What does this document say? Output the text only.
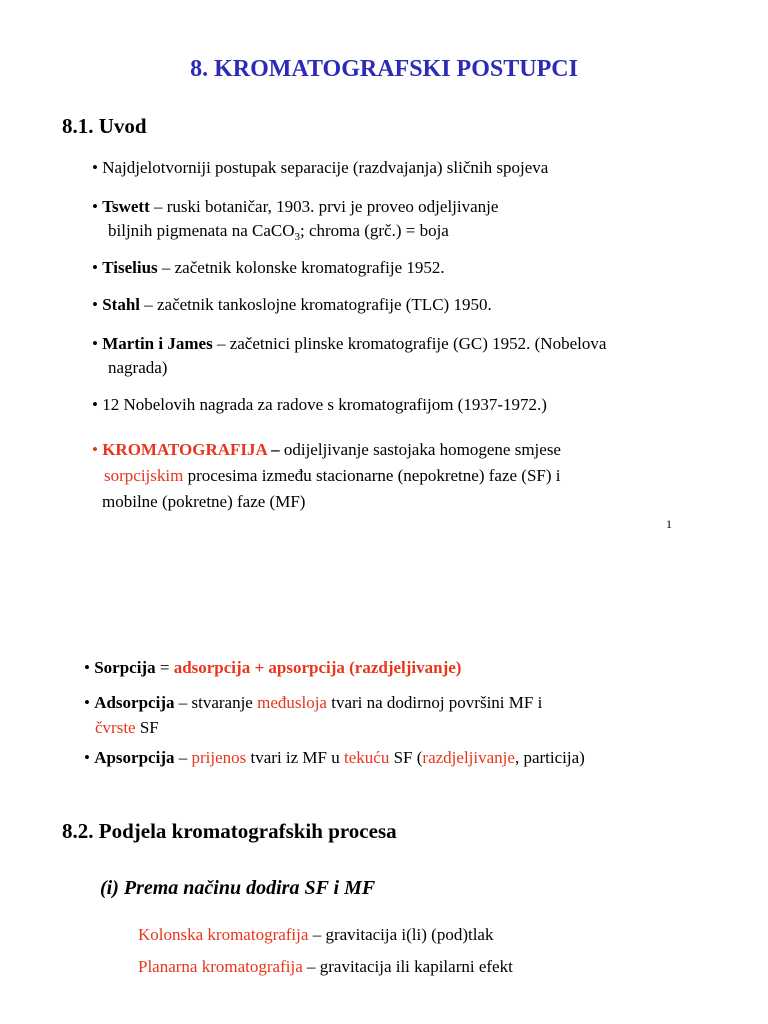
8. KROMATOGRAFSKI POSTUPCI
8.1. Uvod
• Najdjelotvorniji postupak separacije (razdvajanja) sličnih spojeva
• Tswett – ruski botaničar, 1903. prvi je proveo odjeljivanje
biljnih pigmenata na CaCO$_3$; chroma (grč.) = boja
• Tiselius – začetnik kolonske kromatografije 1952.
• Stahl – začetnik tankoslojne kromatografije (TLC) 1950.
• Martin i James – začetnici plinske kromatografije (GC) 1952. (Nobelova
nagrada)
• 12 Nobelovih nagrada za radove s kromatografijom (1937-1972.)
• KROMATOGRAFIJA – odijeljivanje sastojaka homogene smjese
sorpcijskim procesima između stacionarne (nepokretne) faze (SF) i
mobilne (pokretne) faze (MF)
1
• Sorpcija = adsorpcija + apsorpcija (razdjeljivanje)
• Adsorpcija – stvaranje međusloja tvari na dodirnoj površini MF i
čvrste SF
• Apsorpcija – prijenos tvari iz MF u tekuću SF (razdjeljivanje, particija)
8.2. Podjela kromatografskih procesa
(i) Prema načinu dodira SF i MF
Kolonska kromatografija – gravitacija i(li) (pod)tlak
Planarna kromatografija – gravitacija ili kapilarni efekt
